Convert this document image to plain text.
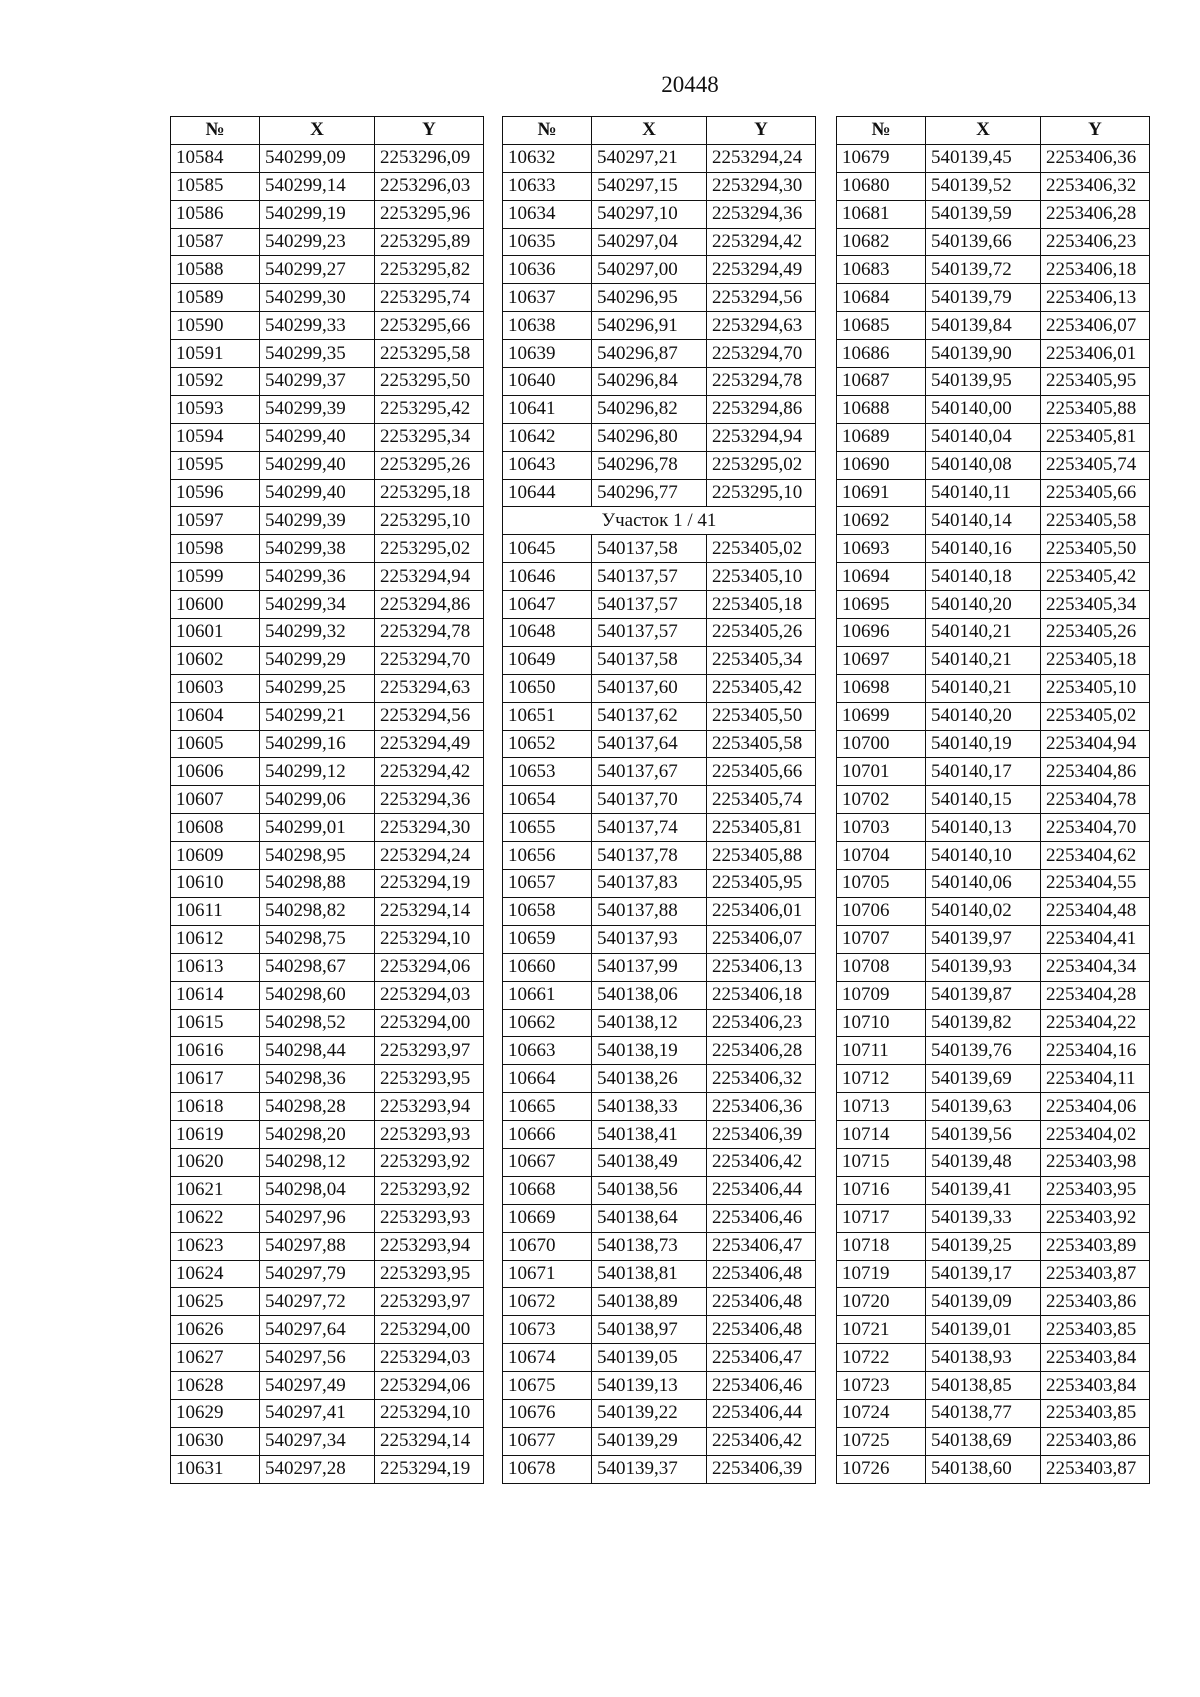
20448
№	X	Y
10584	540299,09	2253296,09
10585	540299,14	2253296,03
10586	540299,19	2253295,96
10587	540299,23	2253295,89
10588	540299,27	2253295,82
10589	540299,30	2253295,74
10590	540299,33	2253295,66
10591	540299,35	2253295,58
10592	540299,37	2253295,50
10593	540299,39	2253295,42
10594	540299,40	2253295,34
10595	540299,40	2253295,26
10596	540299,40	2253295,18
10597	540299,39	2253295,10
10598	540299,38	2253295,02
10599	540299,36	2253294,94
10600	540299,34	2253294,86
10601	540299,32	2253294,78
10602	540299,29	2253294,70
10603	540299,25	2253294,63
10604	540299,21	2253294,56
10605	540299,16	2253294,49
10606	540299,12	2253294,42
10607	540299,06	2253294,36
10608	540299,01	2253294,30
10609	540298,95	2253294,24
10610	540298,88	2253294,19
10611	540298,82	2253294,14
10612	540298,75	2253294,10
10613	540298,67	2253294,06
10614	540298,60	2253294,03
10615	540298,52	2253294,00
10616	540298,44	2253293,97
10617	540298,36	2253293,95
10618	540298,28	2253293,94
10619	540298,20	2253293,93
10620	540298,12	2253293,92
10621	540298,04	2253293,92
10622	540297,96	2253293,93
10623	540297,88	2253293,94
10624	540297,79	2253293,95
10625	540297,72	2253293,97
10626	540297,64	2253294,00
10627	540297,56	2253294,03
10628	540297,49	2253294,06
10629	540297,41	2253294,10
10630	540297,34	2253294,14
10631	540297,28	2253294,19
№	X	Y
10632	540297,21	2253294,24
10633	540297,15	2253294,30
10634	540297,10	2253294,36
10635	540297,04	2253294,42
10636	540297,00	2253294,49
10637	540296,95	2253294,56
10638	540296,91	2253294,63
10639	540296,87	2253294,70
10640	540296,84	2253294,78
10641	540296,82	2253294,86
10642	540296,80	2253294,94
10643	540296,78	2253295,02
10644	540296,77	2253295,10
Участок 1 / 41		
10645	540137,58	2253405,02
10646	540137,57	2253405,10
10647	540137,57	2253405,18
10648	540137,57	2253405,26
10649	540137,58	2253405,34
10650	540137,60	2253405,42
10651	540137,62	2253405,50
10652	540137,64	2253405,58
10653	540137,67	2253405,66
10654	540137,70	2253405,74
10655	540137,74	2253405,81
10656	540137,78	2253405,88
10657	540137,83	2253405,95
10658	540137,88	2253406,01
10659	540137,93	2253406,07
10660	540137,99	2253406,13
10661	540138,06	2253406,18
10662	540138,12	2253406,23
10663	540138,19	2253406,28
10664	540138,26	2253406,32
10665	540138,33	2253406,36
10666	540138,41	2253406,39
10667	540138,49	2253406,42
10668	540138,56	2253406,44
10669	540138,64	2253406,46
10670	540138,73	2253406,47
10671	540138,81	2253406,48
10672	540138,89	2253406,48
10673	540138,97	2253406,48
10674	540139,05	2253406,47
10675	540139,13	2253406,46
10676	540139,22	2253406,44
10677	540139,29	2253406,42
10678	540139,37	2253406,39
№	X	Y
10679	540139,45	2253406,36
10680	540139,52	2253406,32
10681	540139,59	2253406,28
10682	540139,66	2253406,23
10683	540139,72	2253406,18
10684	540139,79	2253406,13
10685	540139,84	2253406,07
10686	540139,90	2253406,01
10687	540139,95	2253405,95
10688	540140,00	2253405,88
10689	540140,04	2253405,81
10690	540140,08	2253405,74
10691	540140,11	2253405,66
10692	540140,14	2253405,58
10693	540140,16	2253405,50
10694	540140,18	2253405,42
10695	540140,20	2253405,34
10696	540140,21	2253405,26
10697	540140,21	2253405,18
10698	540140,21	2253405,10
10699	540140,20	2253405,02
10700	540140,19	2253404,94
10701	540140,17	2253404,86
10702	540140,15	2253404,78
10703	540140,13	2253404,70
10704	540140,10	2253404,62
10705	540140,06	2253404,55
10706	540140,02	2253404,48
10707	540139,97	2253404,41
10708	540139,93	2253404,34
10709	540139,87	2253404,28
10710	540139,82	2253404,22
10711	540139,76	2253404,16
10712	540139,69	2253404,11
10713	540139,63	2253404,06
10714	540139,56	2253404,02
10715	540139,48	2253403,98
10716	540139,41	2253403,95
10717	540139,33	2253403,92
10718	540139,25	2253403,89
10719	540139,17	2253403,87
10720	540139,09	2253403,86
10721	540139,01	2253403,85
10722	540138,93	2253403,84
10723	540138,85	2253403,84
10724	540138,77	2253403,85
10725	540138,69	2253403,86
10726	540138,60	2253403,87
